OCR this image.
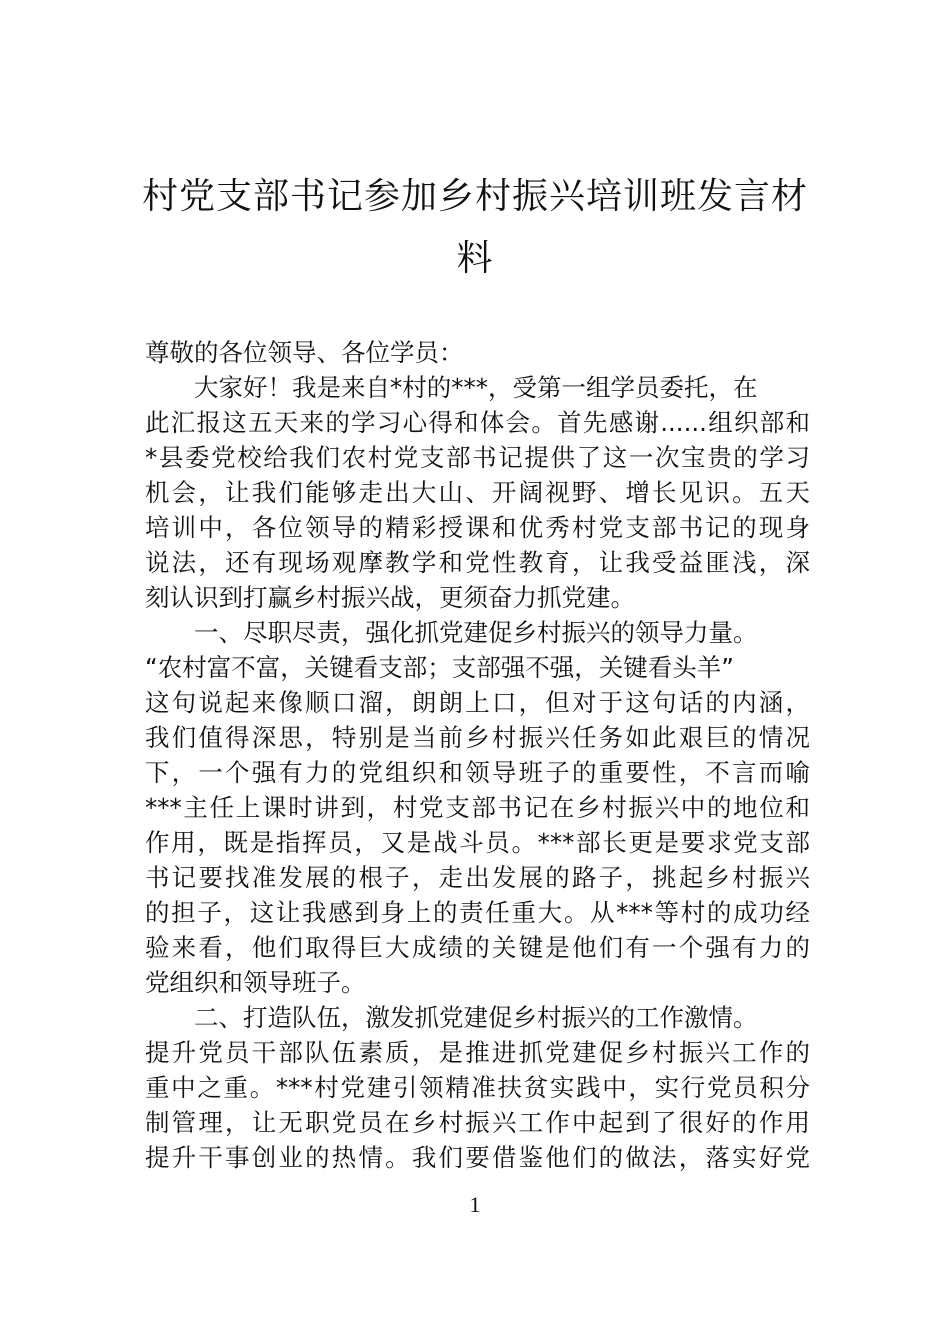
村党支部书记参加乡村振兴培训班发言材
料
尊敬的各位领导、各位学员：
大家好！我是来自*村的***，受第一组学员委托，在
此汇报这五天来的学习心得和体会。首先感谢......组织部和
*县委党校给我们农村党支部书记提供了这一次宝贵的学习
机会，让我们能够走出大山、开阔视野、增长见识。五天
培训中，各位领导的精彩授课和优秀村党支部书记的现身
说法，还有现场观摩教学和党性教育，让我受益匪浅，深
刻认识到打赢乡村振兴战，更须奋力抓党建。
一、尽职尽责，强化抓党建促乡村振兴的领导力量。
“农村富不富，关键看支部；支部强不强，关键看头羊”
这句说起来像顺口溜，朗朗上口，但对于这句话的内涵，
我们值得深思，特别是当前乡村振兴任务如此艰巨的情况
下，一个强有力的党组织和领导班子的重要性，不言而喻
***主任上课时讲到，村党支部书记在乡村振兴中的地位和
作用，既是指挥员，又是战斗员。***部长更是要求党支部
书记要找准发展的根子，走出发展的路子，挑起乡村振兴
的担子，这让我感到身上的责任重大。从***等村的成功经
验来看，他们取得巨大成绩的关键是他们有一个强有力的
党组织和领导班子。
二、打造队伍，激发抓党建促乡村振兴的工作激情。
提升党员干部队伍素质，是推进抓党建促乡村振兴工作的
重中之重。***村党建引领精准扶贫实践中，实行党员积分
制管理，让无职党员在乡村振兴工作中起到了很好的作用
提升干事创业的热情。我们要借鉴他们的做法，落实好党
1
